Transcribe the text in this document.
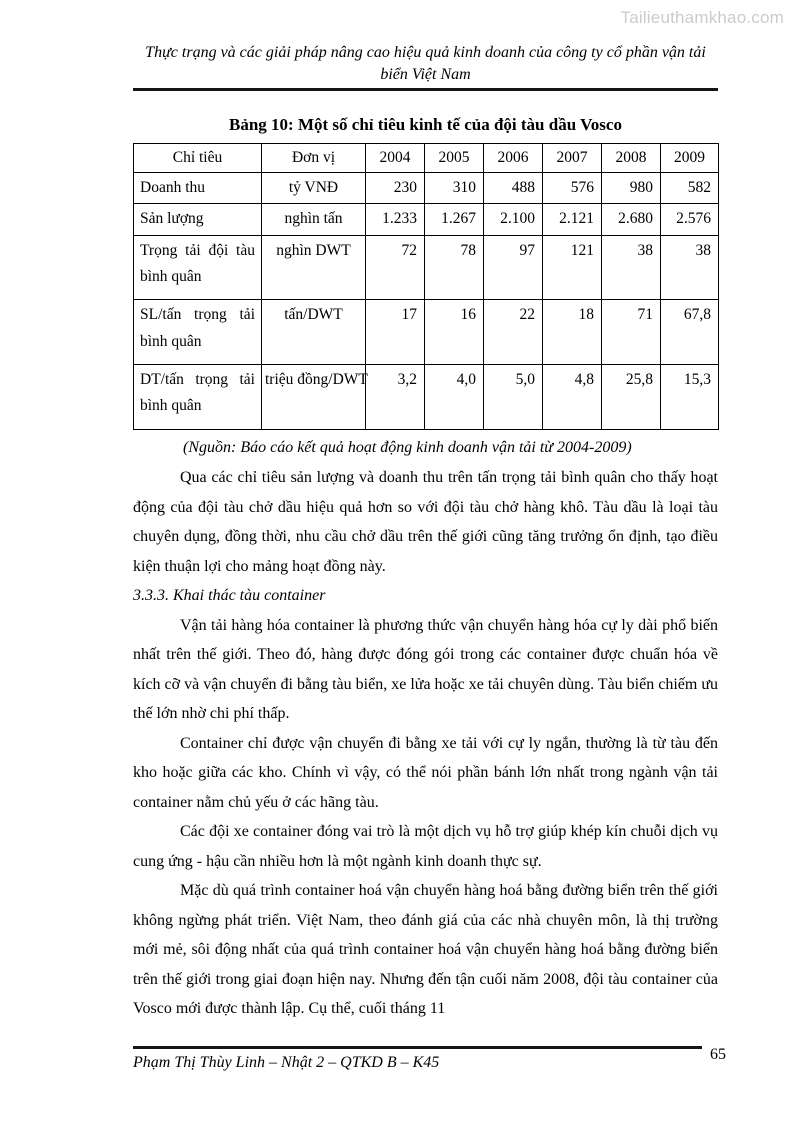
Tailieuthamkhao.com
Thực trạng và các giải pháp nâng cao hiệu quả kinh doanh của công ty cổ phần vận tải biển Việt Nam
Bảng 10: Một số chỉ tiêu kinh tế của đội tàu dầu Vosco
Chỉ tiêu	Đơn vị	2004	2005	2006	2007	2008	2009
Doanh thu	tỷ VNĐ	230	310	488	576	980	582
Sản lượng	nghìn tấn	1.233	1.267	2.100	2.121	2.680	2.576
Trọng tải đội tàu bình quân	nghìn DWT	72	78	97	121	38	38
SL/tấn trọng tải bình quân	tấn/DWT	17	16	22	18	71	67,8
DT/tấn trọng tải bình quân	triệu đồng/DWT	3,2	4,0	5,0	4,8	25,8	15,3
(Nguồn: Báo cáo kết quả hoạt động kinh doanh vận tải từ 2004-2009)

Qua các chỉ tiêu sản lượng và doanh thu trên tấn trọng tải bình quân cho thấy hoạt động của đội tàu chở dầu hiệu quả hơn so với đội tàu chở hàng khô. Tàu dầu là loại tàu chuyên dụng, đồng thời, nhu cầu chở dầu trên thế giới cũng tăng trưởng ổn định, tạo điều kiện thuận lợi cho mảng hoạt đồng này.

3.3.3. Khai thác tàu container

Vận tải hàng hóa container là phương thức vận chuyển hàng hóa cự ly dài phổ biến nhất trên thế giới. Theo đó, hàng được đóng gói trong các container được chuẩn hóa về kích cỡ và vận chuyển đi bằng tàu biển, xe lửa hoặc xe tải chuyên dùng. Tàu biển chiếm ưu thế lớn nhờ chi phí thấp.

Container chỉ được vận chuyển đi bằng xe tải với cự ly ngắn, thường là từ tàu đến kho hoặc giữa các kho. Chính vì vậy, có thể nói phần bánh lớn nhất trong ngành vận tải container nằm chủ yếu ở các hãng tàu.

Các đội xe container đóng vai trò là một dịch vụ hỗ trợ giúp khép kín chuỗi dịch vụ cung ứng - hậu cần nhiều hơn là một ngành kinh doanh thực sự.

Mặc dù quá trình container hoá vận chuyển hàng hoá bằng đường biển trên thế giới không ngừng phát triển. Việt Nam, theo đánh giá của các nhà chuyên môn, là thị trường mới mẻ, sôi động nhất của quá trình container hoá vận chuyển hàng hoá bằng đường biển trên thế giới trong giai đoạn hiện nay. Nhưng đến tận cuối năm 2008, đội tàu container của Vosco mới được thành lập. Cụ thể, cuối tháng 11

Phạm Thị Thùy Linh – Nhật 2 – QTKD B – K45	65
